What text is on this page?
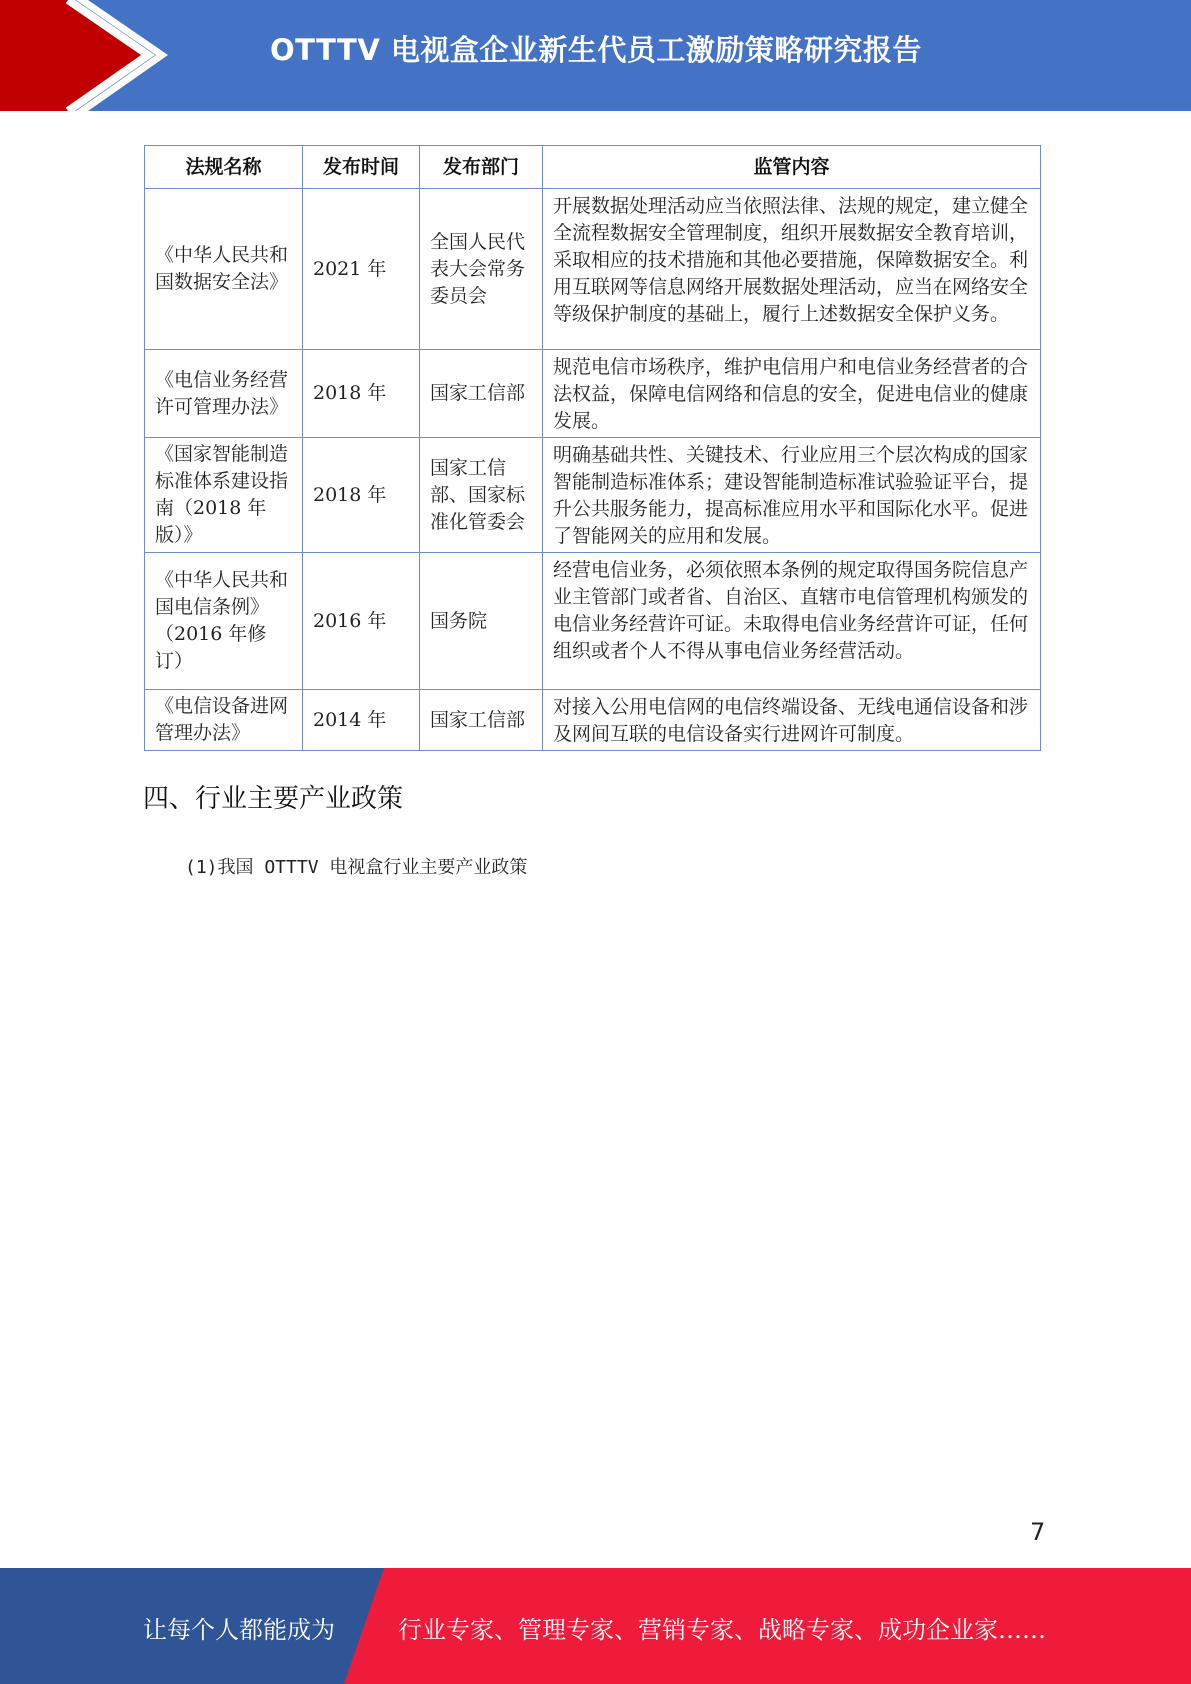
OTTTV 电视盒企业新生代员工激励策略研究报告
法规名称	发布时间	发布部门	监管内容
《中华人民共和国数据安全法》	2021 年	全国人民代表大会常务委员会	开展数据处理活动应当依照法律、法规的规定，建立健全全流程数据安全管理制度，组织开展数据安全教育培训，采取相应的技术措施和其他必要措施，保障数据安全。利用互联网等信息网络开展数据处理活动，应当在网络安全等级保护制度的基础上，履行上述数据安全保护义务。
《电信业务经营许可管理办法》	2018 年	国家工信部	规范电信市场秩序，维护电信用户和电信业务经营者的合法权益，保障电信网络和信息的安全，促进电信业的健康发展。
《国家智能制造标准体系建设指南（2018 年版）》	2018 年	国家工信部、国家标准化管委会	明确基础共性、关键技术、行业应用三个层次构成的国家智能制造标准体系；建设智能制造标准试验验证平台，提升公共服务能力，提高标准应用水平和国际化水平。促进了智能网关的应用和发展。
《中华人民共和国电信条例》（2016 年修订）	2016 年	国务院	经营电信业务，必须依照本条例的规定取得国务院信息产业主管部门或者省、自治区、直辖市电信管理机构颁发的电信业务经营许可证。未取得电信业务经营许可证，任何组织或者个人不得从事电信业务经营活动。
《电信设备进网管理办法》	2014 年	国家工信部	对接入公用电信网的电信终端设备、无线电通信设备和涉及网间互联的电信设备实行进网许可制度。
四、行业主要产业政策
(1)我国 OTTTV 电视盒行业主要产业政策
7
让每个人都能成为	行业专家、管理专家、营销专家、战略专家、成功企业家……
